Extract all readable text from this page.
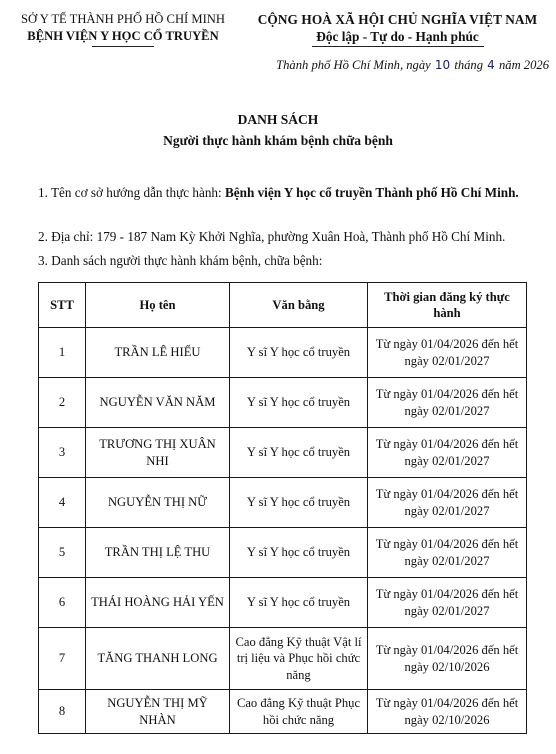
SỞ Y TẾ THÀNH PHỐ HỒ CHÍ MINH
BỆNH VIỆN Y HỌC CỔ TRUYỀN
CỘNG HOÀ XÃ HỘI CHỦ NGHĨA VIỆT NAM
Độc lập - Tự do - Hạnh phúc
Thành phố Hồ Chí Minh, ngày 10 tháng 4 năm 2026
DANH SÁCH
Người thực hành khám bệnh chữa bệnh
1. Tên cơ sở hướng dẫn thực hành: Bệnh viện Y học cổ truyền Thành phố Hồ Chí Minh.
2. Địa chỉ: 179 - 187 Nam Kỳ Khởi Nghĩa, phường Xuân Hoà, Thành phố Hồ Chí Minh.
3. Danh sách người thực hành khám bệnh, chữa bệnh:
STT	Họ tên	Văn bằng	Thời gian đăng ký thực hành
1	TRẦN LÊ HIẾU	Y sĩ Y học cổ truyền	Từ ngày 01/04/2026 đến hết ngày 02/01/2027
2	NGUYỄN VĂN NĂM	Y sĩ Y học cổ truyền	Từ ngày 01/04/2026 đến hết ngày 02/01/2027
3	TRƯƠNG THỊ XUÂN NHI	Y sĩ Y học cổ truyền	Từ ngày 01/04/2026 đến hết ngày 02/01/2027
4	NGUYỄN THỊ NỮ	Y sĩ Y học cổ truyền	Từ ngày 01/04/2026 đến hết ngày 02/01/2027
5	TRẦN THỊ LỆ THU	Y sĩ Y học cổ truyền	Từ ngày 01/04/2026 đến hết ngày 02/01/2027
6	THÁI HOÀNG HẢI YẾN	Y sĩ Y học cổ truyền	Từ ngày 01/04/2026 đến hết ngày 02/01/2027
7	TĂNG THANH LONG	Cao đẳng Kỹ thuật Vật lí trị liệu và Phục hồi chức năng	Từ ngày 01/04/2026 đến hết ngày 02/10/2026
8	NGUYỄN THỊ MỸ NHÀN	Cao đẳng Kỹ thuật Phục hồi chức năng	Từ ngày 01/04/2026 đến hết ngày 02/10/2026
